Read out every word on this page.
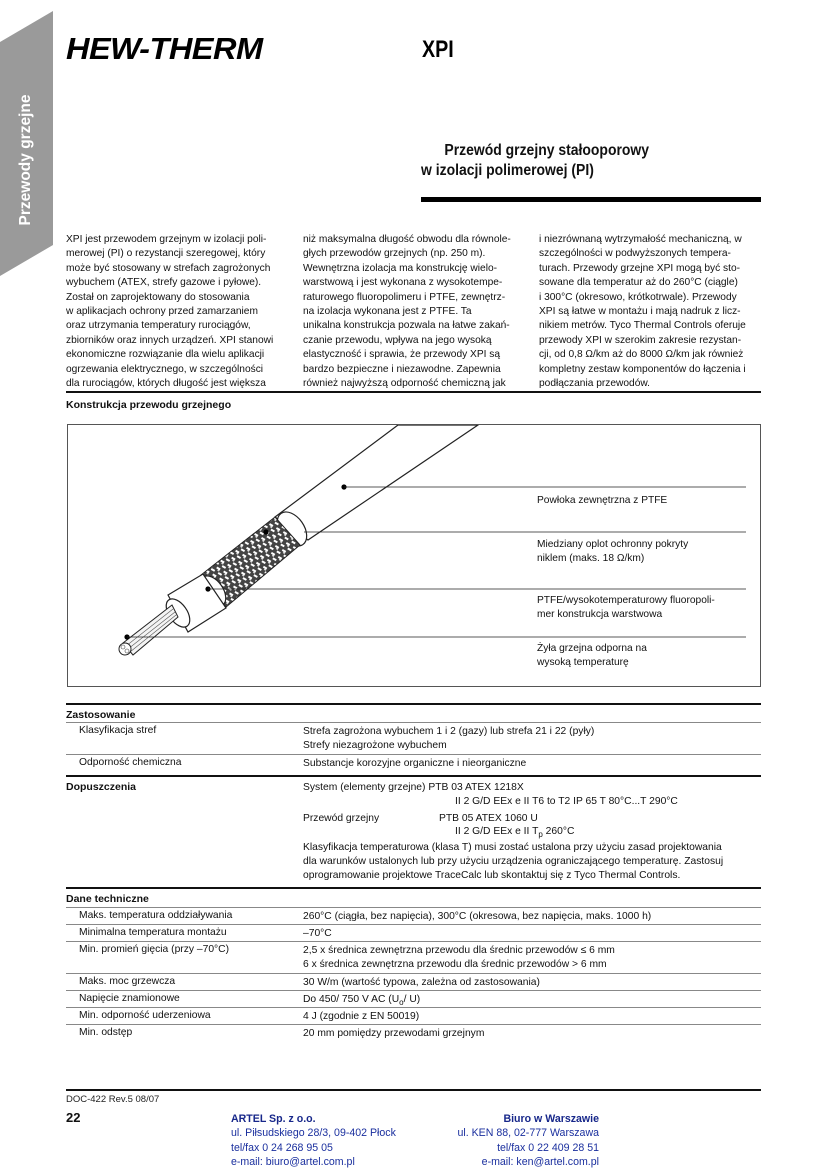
Przewody grzejne
HEW-THERM	XPI
Przewód grzejny stałooporowy
w izolacji polimerowej (PI)
XPI jest przewodem grzejnym w izolacji poli-
merowej (PI) o rezystancji szeregowej, który
może być stosowany w strefach zagrożonych
wybuchem (ATEX, strefy gazowe i pyłowe).
Został on zaprojektowany do stosowania
w aplikacjach ochrony przed zamarzaniem
oraz utrzymania temperatury rurociągów,
zbiorników oraz innych urządzeń. XPI stanowi
ekonomiczne rozwiązanie dla wielu aplikacji
ogrzewania elektrycznego, w szczególności
dla rurociągów, których długość jest większa
niż maksymalna długość obwodu dla równole-
głych przewodów grzejnych (np. 250 m).
Wewnętrzna izolacja ma konstrukcję wielo-
warstwową i jest wykonana z wysokotempe-
raturowego fluoropolimeru i PTFE, zewnętrz-
na izolacja wykonana jest z PTFE. Ta
unikalna konstrukcja pozwala na łatwe zakań-
czanie przewodu, wpływa na jego wysoką
elastyczność i sprawia, że przewody XPI są
bardzo bezpieczne i niezawodne. Zapewnia
również najwyższą odporność chemiczną jak
i niezrównaną wytrzymałość mechaniczną, w
szczególności w podwyższonych tempera-
turach. Przewody grzejne XPI mogą być sto-
sowane dla temperatur aż do 260°C (ciągle)
i 300°C (okresowo, krótkotrwale). Przewody
XPI są łatwe w montażu i mają nadruk z licz-
nikiem metrów. Tyco Thermal Controls oferuje
przewody XPI w szerokim zakresie rezystan-
cji, od 0,8 Ω/km aż do 8000 Ω/km jak również
kompletny zestaw komponentów do łączenia i
podłączania przewodów.
Konstrukcja przewodu grzejnego
Powłoka zewnętrzna z PTFE
Miedziany oplot ochronny pokryty
niklem (maks. 18 Ω/km)
PTFE/wysokotemperaturowy fluoropoli-
mer konstrukcja warstwowa
Żyła grzejna odporna na
wysoką temperaturę
Zastosowanie
Klasyfikacja stref	Strefa zagrożona wybuchem 1 i 2 (gazy) lub strefa 21 i 22 (pyły)
Strefy niezagrożone wybuchem
Odporność chemiczna	Substancje korozyjne organiczne i nieorganiczne
Dopuszczenia	System (elementy grzejne) PTB 03 ATEX 1218X
II 2 G/D EEx e II T6 to T2 IP 65 T 80°C...T 290°C
Przewód grzejny	PTB 05 ATEX 1060 U
II 2 G/D EEx e II $T_p$ 260°C
Klasyfikacja temperaturowa (klasa T) musi zostać ustalona przy użyciu zasad projektowania
dla warunków ustalonych lub przy użyciu urządzenia ograniczającego temperaturę. Zastosuj
oprogramowanie projektowe TraceCalc lub skontaktuj się z Tyco Thermal Controls.
Dane techniczne
Maks. temperatura oddziaływania	260°C (ciągła, bez napięcia), 300°C (okresowa, bez napięcia, maks. 1000 h)
Minimalna temperatura montażu	–70°C
Min. promień gięcia (przy –70°C)	2,5 x średnica zewnętrzna przewodu dla średnic przewodów ≤ 6 mm
6 x średnica zewnętrzna przewodu dla średnic przewodów > 6 mm
Maks. moc grzewcza	30 W/m (wartość typowa, zależna od zastosowania)
Napięcie znamionowe	Do 450/ 750 V AC ($U_o/$ U)
Min. odporność uderzeniowa	4 J (zgodnie z EN 50019)
Min. odstęp	20 mm pomiędzy przewodami grzejnym
DOC-422 Rev.5 08/07
22	ARTEL Sp. z o.o.
ul. Piłsudskiego 28/3, 09-402 Płock
tel/fax 0 24 268 95 05
e-mail: biuro@artel.com.pl
Biuro w Warszawie
ul. KEN 88, 02-777 Warszawa
tel/fax 0 22 409 28 51
e-mail: ken@artel.com.pl
